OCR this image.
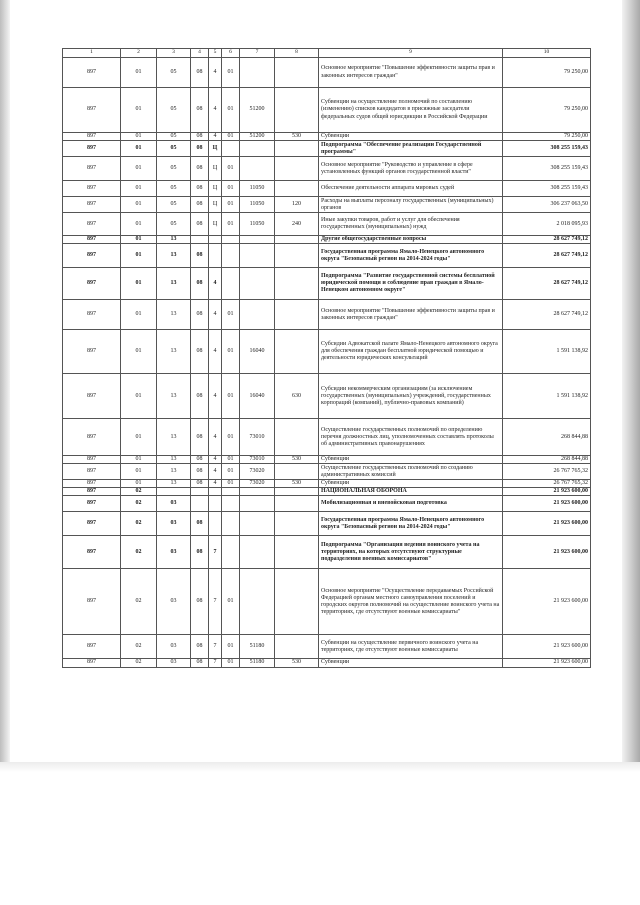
1	2	3	4	5	6	7	8	9	10
897	01	05	08	4	01			Основное мероприятие "Повышение эффективности защиты прав и законных интересов граждан"	79 250,00
897	01	05	08	4	01	51200		Субвенции на осуществление полномочий по составлению (изменению) списков кандидатов в присяжные заседатели федеральных судов общей юрисдикции в Российской Федерации	79 250,00
897	01	05	08	4	01	51200	530	Субвенции	79 250,00
897	01	05	08	Ц				Подпрограмма "Обеспечение реализации Государственной программы"	308 255 159,43
897	01	05	08	Ц	01			Основное мероприятие "Руководство и управление в сфере установленных функций органов государственной власти"	308 255 159,43
897	01	05	08	Ц	01	11050		Обеспечение деятельности аппарата мировых судей	308 255 159,43
897	01	05	08	Ц	01	11050	120	Расходы на выплаты персоналу государственных (муниципальных) органов	306 237 063,50
897	01	05	08	Ц	01	11050	240	Иные закупки товаров, работ и услуг для обеспечения государственных (муниципальных) нужд	2 018 095,93
897	01	13						Другие общегосударственные вопросы	28 627 749,12
897	01	13	08					Государственная программа Ямало-Ненецкого автономного округа "Безопасный регион на 2014-2024 годы"	28 627 749,12
897	01	13	08	4				Подпрограмма "Развитие государственной системы бесплатной юридической помощи и соблюдение прав граждан в Ямало-Ненецком автономном округе"	28 627 749,12
897	01	13	08	4	01			Основное мероприятие "Повышение эффективности защиты прав и законных интересов граждан"	28 627 749,12
897	01	13	08	4	01	16040		Субсидии Адвокатской палате Ямало-Ненецкого автономного округа для обеспечения граждан бесплатной юридической помощью и деятельности юридических консультаций	1 591 138,92
897	01	13	08	4	01	16040	630	Субсидии некоммерческим организациям (за исключением государственных (муниципальных) учреждений, государственных корпораций (компаний), публично-правовых компаний)	1 591 138,92
897	01	13	08	4	01	73010		Осуществление государственных полномочий по определению перечня должностных лиц, уполномоченных составлять протоколы об административных правонарушениях	268 844,88
897	01	13	08	4	01	73010	530	Субвенции	268 844,88
897	01	13	08	4	01	73020		Осуществление государственных полномочий по созданию административных комиссий	26 767 765,32
897	01	13	08	4	01	73020	530	Субвенции	26 767 765,32
897	02							НАЦИОНАЛЬНАЯ ОБОРОНА	21 923 600,00
897	02	03						Мобилизационная и вневойсковая подготовка	21 923 600,00
897	02	03	08					Государственная программа Ямало-Ненецкого автономного округа "Безопасный регион на 2014-2024 годы"	21 923 600,00
897	02	03	08	7				Подпрограмма "Организация ведения воинского учета на территориях, на которых отсутствуют структурные подразделения военных комиссариатов"	21 923 600,00
897	02	03	08	7	01			Основное мероприятие "Осуществление передаваемых Российской Федерацией органам местного самоуправления поселений и городских округов полномочий на осуществление воинского учета на территориях, где отсутствуют военные комиссариаты"	21 923 600,00
897	02	03	08	7	01	51180		Субвенции на осуществление первичного воинского учета на территориях, где отсутствуют военные комиссариаты	21 923 600,00
897	02	03	08	7	01	51180	530	Субвенции	21 923 600,00
